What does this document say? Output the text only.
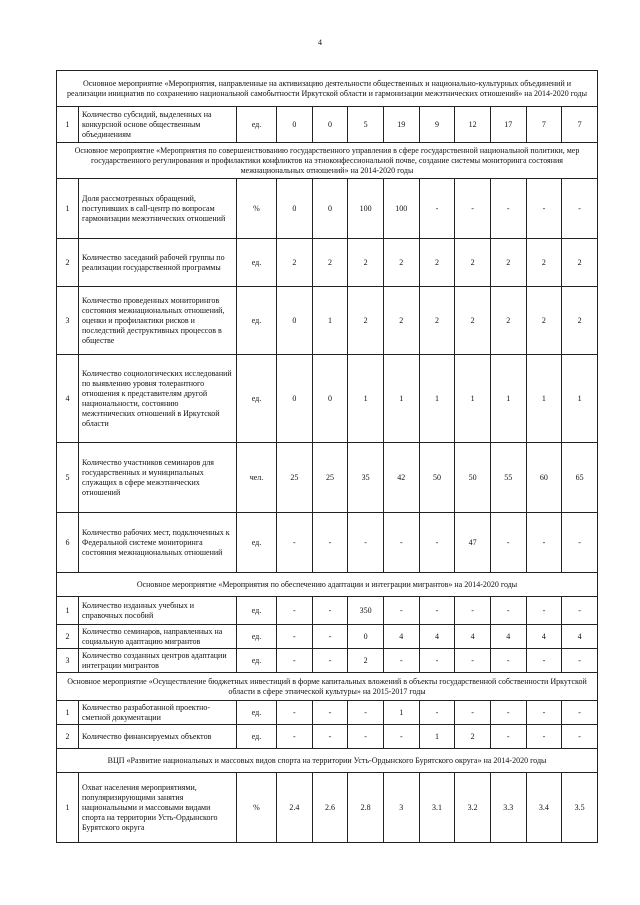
4
Основное мероприятие «Мероприятия, направленные на активизацию деятельности общественных и национально-культурных объединений и реализации инициатив по сохранению национальной самобытности Иркутской области и гармонизации межэтнических отношений» на 2014-2020 годы											
1	Количество субсидий, выделенных на конкурсной основе общественным объединениям	ед.	0	0	5	19	9	12	17	7	7
Основное мероприятие «Мероприятия по совершенствованию государственного управления в сфере государственной национальной политики, мер государственного регулирования и профилактики конфликтов на этноконфессиональной почве, создание системы мониторинга состояния межнациональных отношений» на 2014-2020 годы											
1	Доля рассмотренных обращений, поступивших в call-центр по вопросам гармонизации межэтнических отношений	%	0	0	100	100	-	-	-	-	-
2	Количество заседаний рабочей группы по реализации государственной программы	ед.	2	2	2	2	2	2	2	2	2
3	Количество проведенных мониторингов состояния межнациональных отношений, оценки и профилактики рисков и последствий деструктивных процессов в обществе	ед.	0	1	2	2	2	2	2	2	2
4	Количество социологических исследований по выявлению уровня толерантного отношения к представителям другой национальности, состоянию межэтнических отношений в Иркутской области	ед.	0	0	1	1	1	1	1	1	1
5	Количество участников семинаров для государственных и муниципальных служащих в сфере межэтнических отношений	чел.	25	25	35	42	50	50	55	60	65
6	Количество рабочих мест, подключенных к Федеральной системе мониторинга состояния межнациональных отношений	ед.	-	-	-	-	-	47	-	-	-
Основное мероприятие «Мероприятия по обеспечению адаптации и интеграции мигрантов» на 2014-2020 годы											
1	Количество изданных учебных и справочных пособий	ед.	-	-	350	-	-	-	-	-	-
2	Количество семинаров, направленных на социальную адаптацию мигрантов	ед.	-	-	0	4	4	4	4	4	4
3	Количество созданных центров адаптации интеграции мигрантов	ед.	-	-	2	-	-	-	-	-	-
Основное мероприятие «Осуществление бюджетных инвестиций в форме капитальных вложений в объекты государственной собственности Иркутской области в сфере этнической культуры» на 2015-2017 годы											
1	Количество разработанной проектно-сметной документации	ед.	-	-	-	1	-	-	-	-	-
2	Количество финансируемых объектов	ед.	-	-	-	-	1	2	-	-	-
ВЦП «Развитие национальных и массовых видов спорта на территории Усть-Ордынского Бурятского округа» на 2014-2020 годы											
1	Охват населения мероприятиями, популяризирующими занятия национальными и массовыми видами спорта на территории Усть-Ордынского Бурятского округа	%	2.4	2.6	2.8	3	3.1	3.2	3.3	3.4	3.5
